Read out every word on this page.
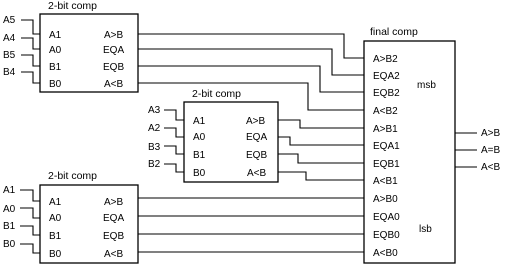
2-bit comp
A1
A0
B1
B0
A>B
EQA
EQB
A<B
A5
A4
B5
B4
2-bit comp
A1
A0
B1
B0
A>B
EQA
EQB
A<B
A3
A2
B3
B2
2-bit comp
A1
A0
B1
B0
A>B
EQA
EQB
A<B
A1
A0
B1
B0
final comp
A>B2
EQA2
EQB2
A<B2
A>B1
EQA1
EQB1
A<B1
A>B0
EQA0
EQB0
A<B0
msb
lsb
A>B
A=B
A<B
